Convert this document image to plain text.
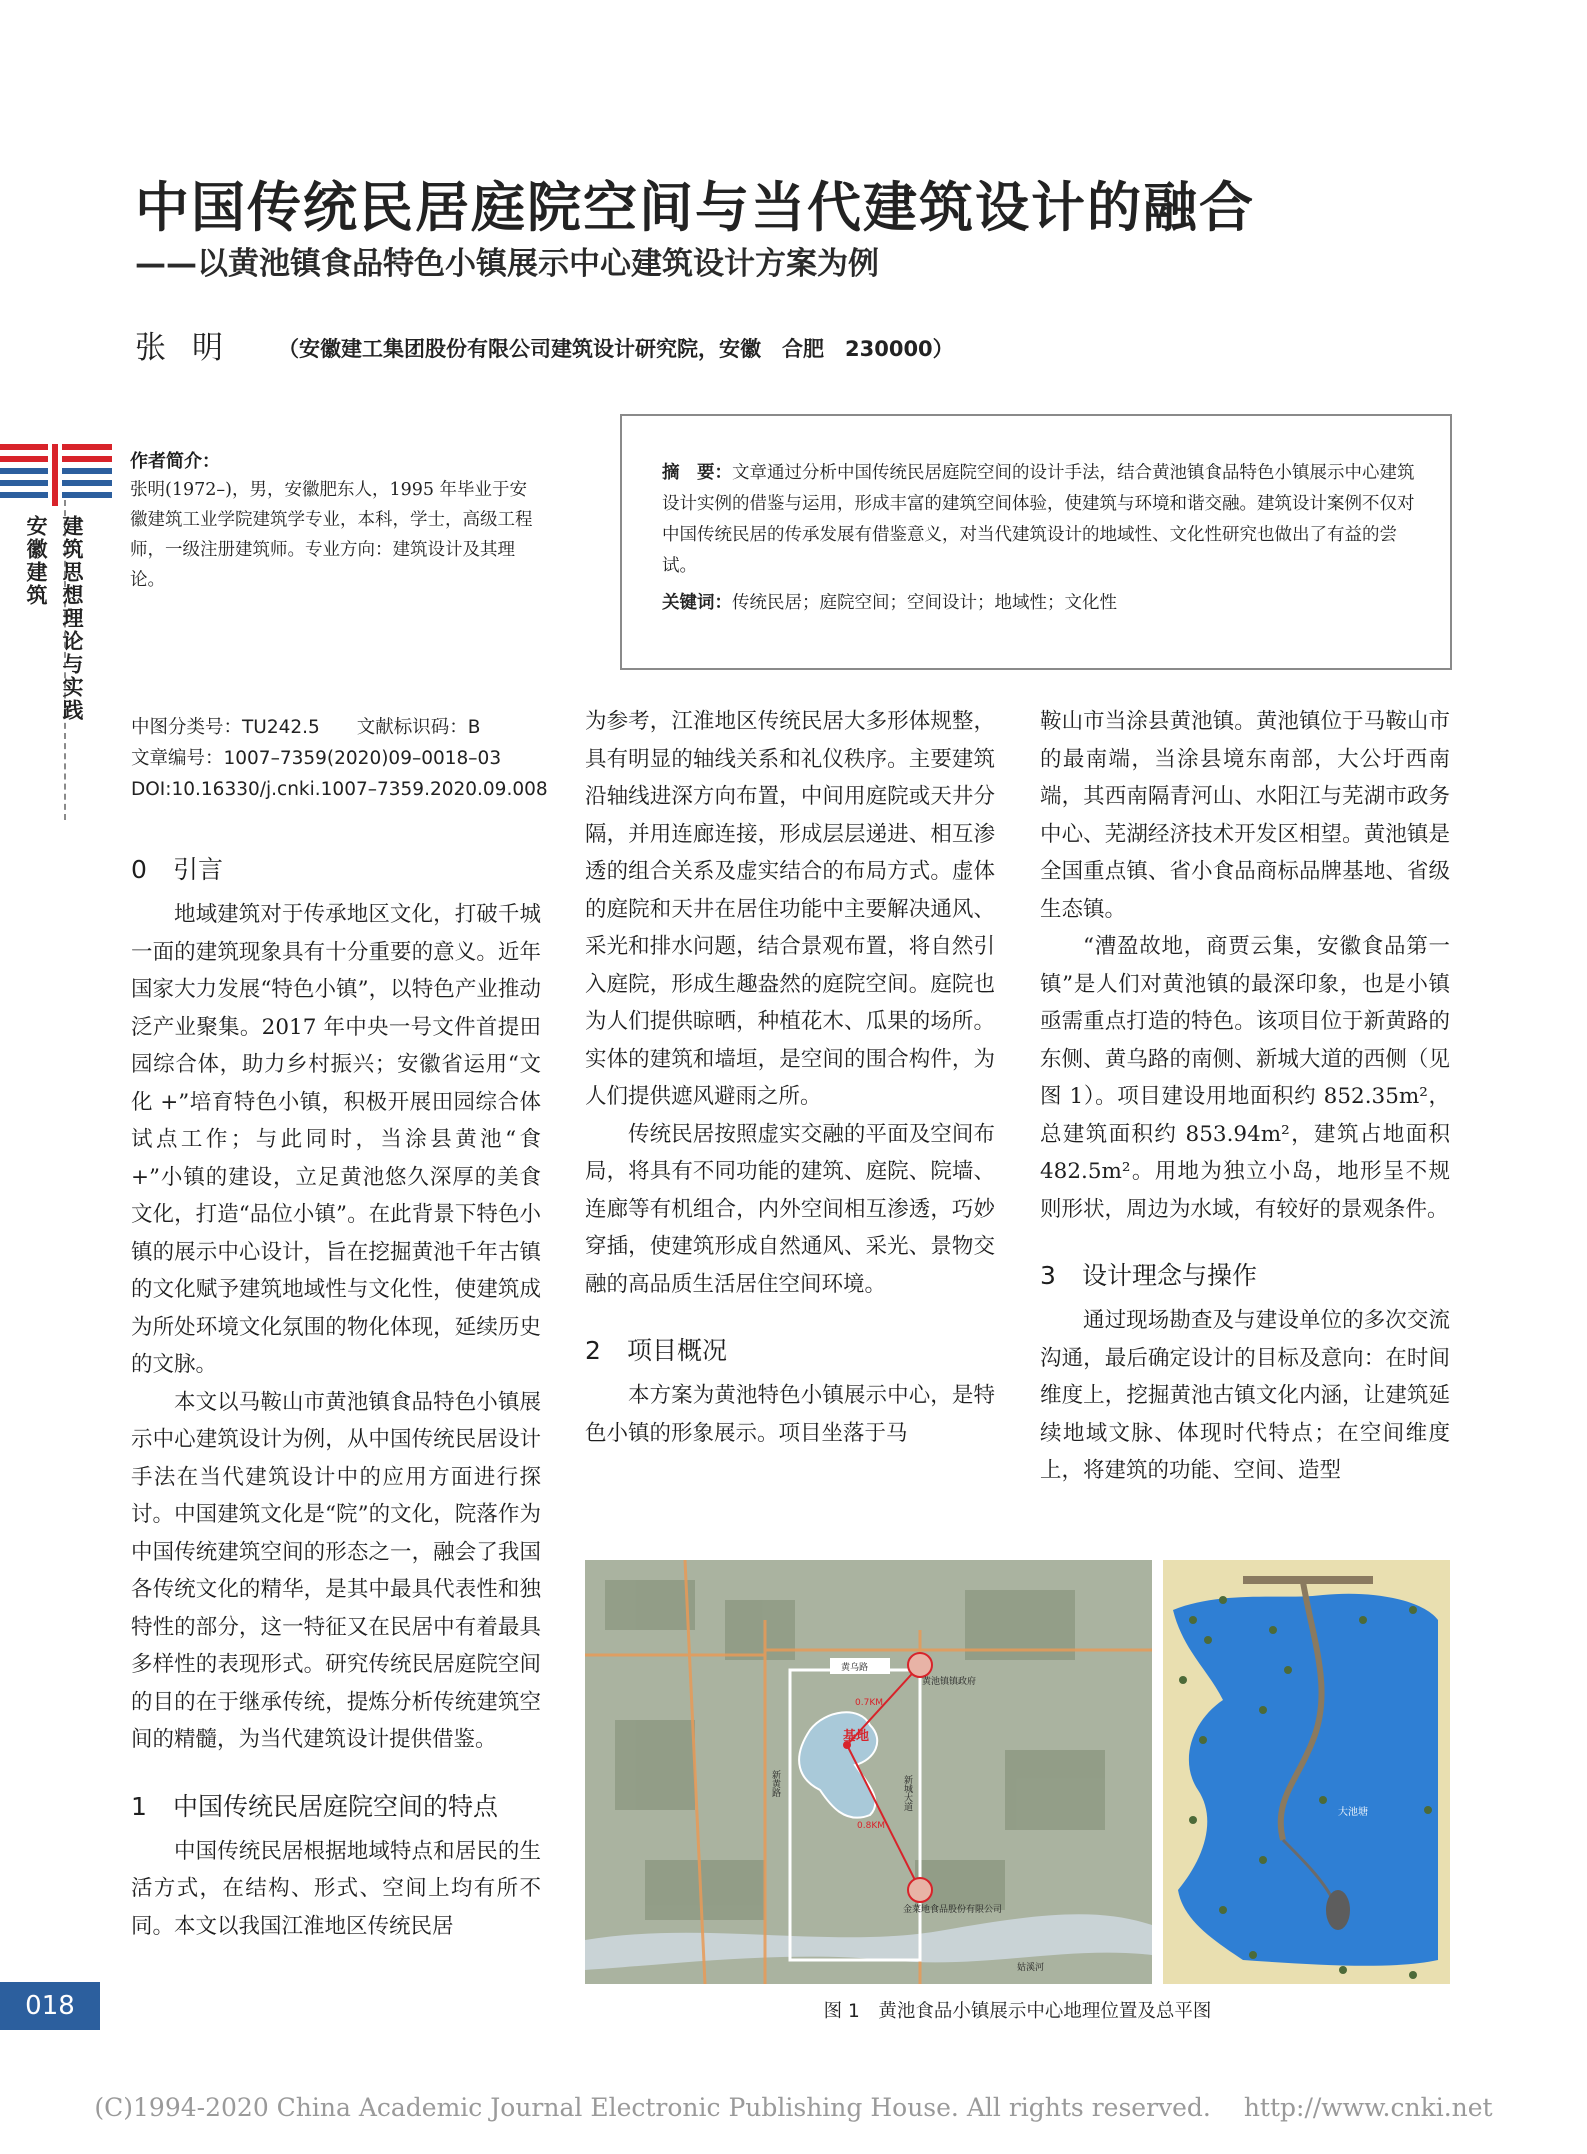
中国传统民居庭院空间与当代建筑设计的融合
——以黄池镇食品特色小镇展示中心建筑设计方案为例
张明 （安徽建工集团股份有限公司建筑设计研究院，安徽　合肥　230000）
建筑思想理论与实践
安徽建筑
作者简介：
张明(1972–)，男，安徽肥东人，1995 年毕业于安徽建筑工业学院建筑学专业，本科，学士，高级工程师，一级注册建筑师。专业方向：建筑设计及其理论。
摘　要：文章通过分析中国传统民居庭院空间的设计手法，结合黄池镇食品特色小镇展示中心建筑设计实例的借鉴与运用，形成丰富的建筑空间体验，使建筑与环境和谐交融。建筑设计案例不仅对中国传统民居的传承发展有借鉴意义，对当代建筑设计的地域性、文化性研究也做出了有益的尝试。
关键词：传统民居；庭院空间；空间设计；地域性；文化性
中图分类号：TU242.5　　文献标识码：B
文章编号：1007–7359(2020)09–0018–03
DOI:10.16330/j.cnki.1007–7359.2020.09.008
0 引言

地域建筑对于传承地区文化，打破千城一面的建筑现象具有十分重要的意义。近年国家大力发展“特色小镇”，以特色产业推动泛产业聚集。2017 年中央一号文件首提田园综合体，助力乡村振兴；安徽省运用“文化 +”培育特色小镇，积极开展田园综合体试点工作；与此同时，当涂县黄池“食 +”小镇的建设，立足黄池悠久深厚的美食文化，打造“品位小镇”。在此背景下特色小镇的展示中心设计，旨在挖掘黄池千年古镇的文化赋予建筑地域性与文化性，使建筑成为所处环境文化氛围的物化体现，延续历史的文脉。

本文以马鞍山市黄池镇食品特色小镇展示中心建筑设计为例，从中国传统民居设计手法在当代建筑设计中的应用方面进行探讨。中国建筑文化是“院”的文化，院落作为中国传统建筑空间的形态之一，融会了我国各传统文化的精华，是其中最具代表性和独特性的部分，这一特征又在民居中有着最具多样性的表现形式。研究传统民居庭院空间的目的在于继承传统，提炼分析传统建筑空间的精髓，为当代建筑设计提供借鉴。

1 中国传统民居庭院空间的特点

中国传统民居根据地域特点和居民的生活方式，在结构、形式、空间上均有所不同。本文以我国江淮地区传统民居

为参考，江淮地区传统民居大多形体规整，具有明显的轴线关系和礼仪秩序。主要建筑沿轴线进深方向布置，中间用庭院或天井分隔，并用连廊连接，形成层层递进、相互渗透的组合关系及虚实结合的布局方式。虚体的庭院和天井在居住功能中主要解决通风、采光和排水问题，结合景观布置，将自然引入庭院，形成生趣盎然的庭院空间。庭院也为人们提供晾晒，种植花木、瓜果的场所。实体的建筑和墙垣，是空间的围合构件，为人们提供遮风避雨之所。

传统民居按照虚实交融的平面及空间布局，将具有不同功能的建筑、庭院、院墙、连廊等有机组合，内外空间相互渗透，巧妙穿插，使建筑形成自然通风、采光、景物交融的高品质生活居住空间环境。

2 项目概况

本方案为黄池特色小镇展示中心，是特色小镇的形象展示。项目坐落于马

鞍山市当涂县黄池镇。黄池镇位于马鞍山市的最南端，当涂县境东南部，大公圩西南端，其西南隔青河山、水阳江与芜湖市政务中心、芜湖经济技术开发区相望。黄池镇是全国重点镇、省小食品商标品牌基地、省级生态镇。

“漕盈故地，商贾云集，安徽食品第一镇”是人们对黄池镇的最深印象，也是小镇亟需重点打造的特色。该项目位于新黄路的东侧、黄乌路的南侧、新城大道的西侧（见图 1）。项目建设用地面积约 852.35m²，总建筑面积约 853.94m²，建筑占地面积 482.5m²。用地为独立小岛，地形呈不规则形状，周边为水域，有较好的景观条件。

3 设计理念与操作

通过现场勘查及与建设单位的多次交流沟通，最后确定设计的目标及意向：在时间维度上，挖掘黄池古镇文化内涵，让建筑延续地域文脉、体现时代特点；在空间维度上，将建筑的功能、空间、造型

黄乌路
黄池镇镇政府
0.7KM
0.8KM
金菜地食品股份有限公司
姑溪河
基地
新黄路	新城大道
大池塘
图 1　黄池食品小镇展示中心地理位置及总平图
018
(C)1994-2020 China Academic Journal Electronic Publishing House. All rights reserved.　 http://www.cnki.net
